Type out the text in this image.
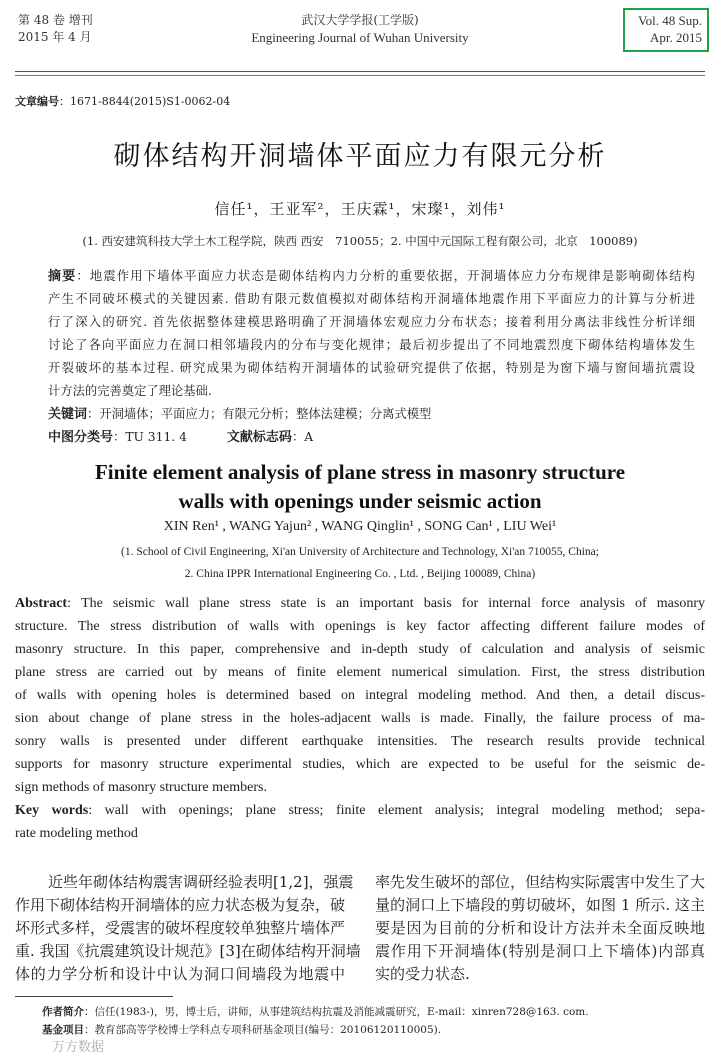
第 48 卷 增刊
2015 年 4 月
武汉大学学报(工学版)
Engineering Journal of Wuhan University
Vol. 48 Sup.
Apr. 2015
文章编号：1671-8844(2015)S1-0062-04
砌体结构开洞墙体平面应力有限元分析
信任¹，王亚军²，王庆霖¹，宋璨¹，刘伟¹
(1. 西安建筑科技大学土木工程学院，陕西 西安　710055；2. 中国中元国际工程有限公司，北京　100089)
摘要：地震作用下墙体平面应力状态是砌体结构内力分析的重要依据，开洞墙体应力分布规律是影响砌体结构
产生不同破坏模式的关键因素. 借助有限元数值模拟对砌体结构开洞墙体地震作用下平面应力的计算与分析进
行了深入的研究. 首先依据整体建模思路明确了开洞墙体宏观应力分布状态；接着利用分离法非线性分析详细
讨论了各向平面应力在洞口相邻墙段内的分布与变化规律；最后初步提出了不同地震烈度下砌体结构墙体发生
开裂破坏的基本过程. 研究成果为砌体结构开洞墙体的试验研究提供了依据，特别是为窗下墙与窗间墙抗震设
计方法的完善奠定了理论基础.
关键词：开洞墙体；平面应力；有限元分析；整体法建模；分离式模型
中图分类号：TU 311. 4	文献标志码：A
Finite element analysis of plane stress in masonry structure
walls with openings under seismic action
XIN Ren¹ , WANG Yajun² , WANG Qinglin¹ , SONG Can¹ , LIU Wei¹
(1. School of Civil Engineering, Xi'an University of Architecture and Technology, Xi'an 710055, China;
2. China IPPR International Engineering Co. , Ltd. , Beijing 100089, China)
Abstract: The seismic wall plane stress state is an important basis for internal force analysis of masonry
structure. The stress distribution of walls with openings is key factor affecting different failure modes of
masonry structure. In this paper, comprehensive and in-depth study of calculation and analysis of seismic
plane stress are carried out by means of finite element numerical simulation. First, the stress distribution
of walls with opening holes is determined based on integral modeling method. And then, a detail discus-
sion about change of plane stress in the holes-adjacent walls is made. Finally, the failure process of ma-
sonry walls is presented under different earthquake intensities. The research results provide technical
supports for masonry structure experimental studies, which are expected to be useful for the seismic de-
sign methods of masonry structure members.
Key words: wall with openings; plane stress; finite element analysis; integral modeling method; sepa-
rate modeling method
近些年砌体结构震害调研经验表明[1,2]，强震
作用下砌体结构开洞墙体的应力状态极为复杂，破
坏形式多样，受震害的破坏程度较单独整片墙体严
重. 我国《抗震建筑设计规范》[3]在砌体结构开洞墙
体的力学分析和设计中认为洞口间墙段为地震中
率先发生破坏的部位，但结构实际震害中发生了大
量的洞口上下墙段的剪切破坏，如图 1 所示. 这主
要是因为目前的分析和设计方法并未全面反映地
震作用下开洞墙体(特别是洞口上下墙体)内部真
实的受力状态.
作者简介：信任(1983-)，男，博士后，讲师，从事建筑结构抗震及消能减震研究，E-mail：xinren728@163. com.
基金项目：教育部高等学校博士学科点专项科研基金项目(编号：20106120110005).
万方数据
